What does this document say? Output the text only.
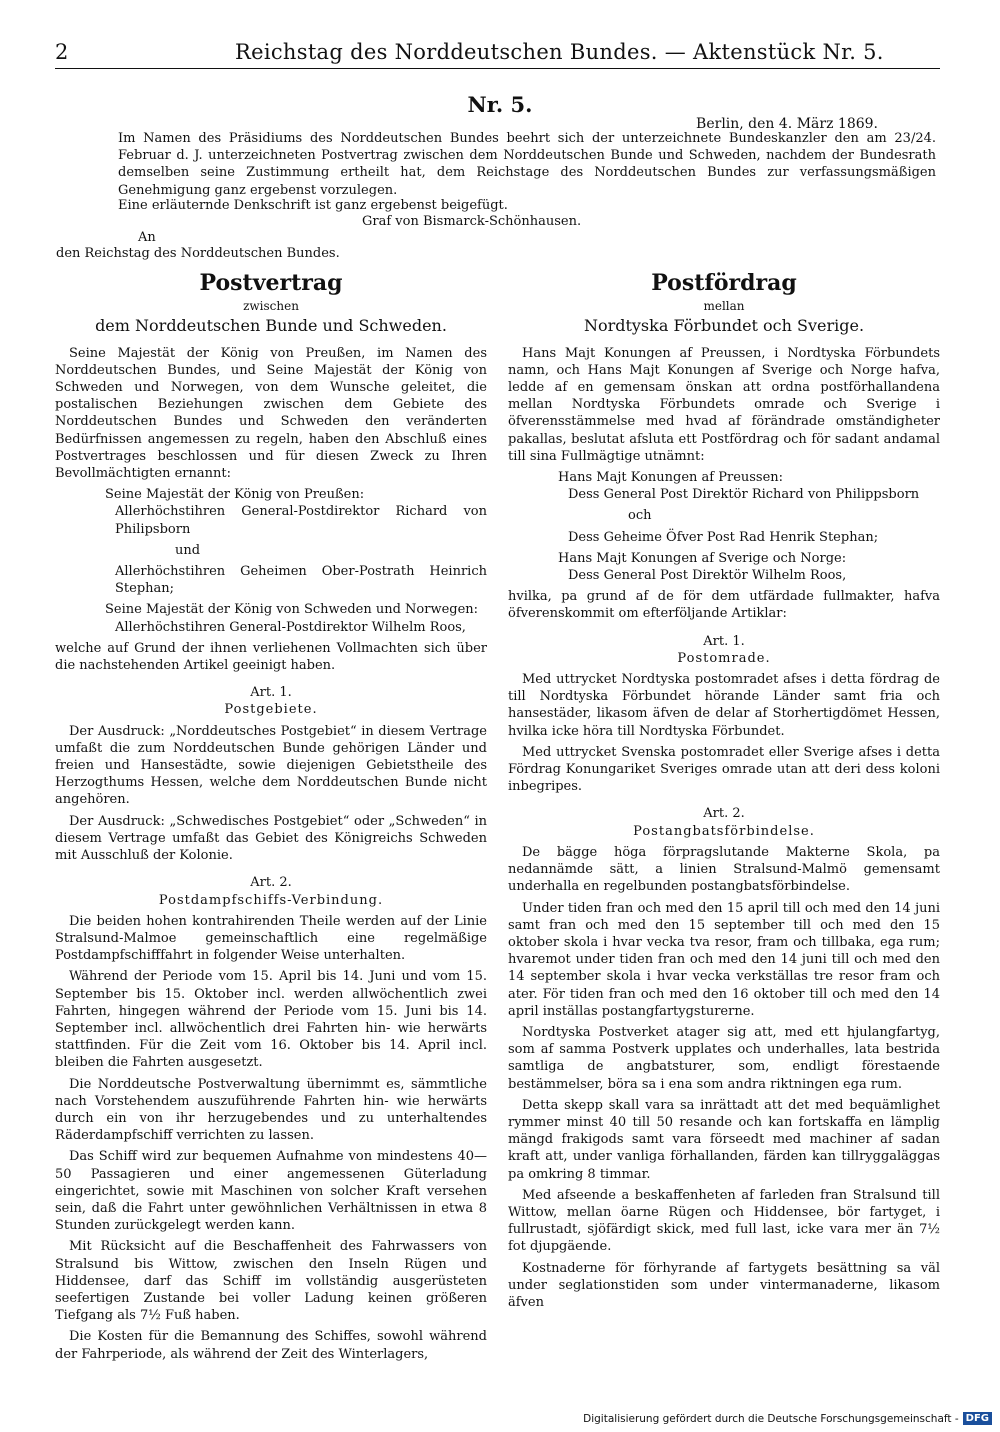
2	Reichstag des Norddeutschen Bundes. — Aktenstück Nr. 5.
Nr. 5.
Berlin, den 4. März 1869.

Im Namen des Präsidiums des Norddeutschen Bundes beehrt sich der unterzeichnete Bundeskanzler den am 23/24. Februar d. J. unterzeichneten Postvertrag zwischen dem Norddeutschen Bunde und Schweden, nachdem der Bundesrath demselben seine Zustimmung ertheilt hat, dem Reichstage des Norddeutschen Bundes zur verfassungsmäßigen Genehmigung ganz ergebenst vorzulegen.

Eine erläuternde Denkschrift ist ganz ergebenst beigefügt.
Graf von Bismarck-Schönhausen.
An
den Reichstag des Norddeutschen Bundes.
Postvertrag
zwischen
dem Norddeutschen Bunde und Schweden.

Seine Majestät der König von Preußen, im Namen des Norddeutschen Bundes, und Seine Majestät der König von Schweden und Norwegen, von dem Wunsche geleitet, die postalischen Beziehungen zwischen dem Gebiete des Norddeutschen Bundes und Schweden den veränderten Bedürfnissen angemessen zu regeln, haben den Abschluß eines Postvertrages beschlossen und für diesen Zweck zu Ihren Bevollmächtigten ernannt:

Seine Majestät der König von Preußen:

Allerhöchstihren General-Postdirektor Richard von Philipsborn

und

Allerhöchstihren Geheimen Ober-Postrath Heinrich Stephan;

Seine Majestät der König von Schweden und Norwegen:

Allerhöchstihren General-Postdirektor Wilhelm Roos,

welche auf Grund der ihnen verliehenen Vollmachten sich über die nachstehenden Artikel geeinigt haben.

Art. 1.
Postgebiete.

Der Ausdruck: „Norddeutsches Postgebiet“ in diesem Vertrage umfaßt die zum Norddeutschen Bunde gehörigen Länder und freien und Hansestädte, sowie diejenigen Gebietstheile des Herzogthums Hessen, welche dem Norddeutschen Bunde nicht angehören.

Der Ausdruck: „Schwedisches Postgebiet“ oder „Schweden“ in diesem Vertrage umfaßt das Gebiet des Königreichs Schweden mit Ausschluß der Kolonie.

Art. 2.
Postdampfschiffs-Verbindung.

Die beiden hohen kontrahirenden Theile werden auf der Linie Stralsund-Malmoe gemeinschaftlich eine regelmäßige Postdampfschifffahrt in folgender Weise unterhalten.

Während der Periode vom 15. April bis 14. Juni und vom 15. September bis 15. Oktober incl. werden allwöchentlich zwei Fahrten, hingegen während der Periode vom 15. Juni bis 14. September incl. allwöchentlich drei Fahrten hin- wie herwärts stattfinden. Für die Zeit vom 16. Oktober bis 14. April incl. bleiben die Fahrten ausgesetzt.

Die Norddeutsche Postverwaltung übernimmt es, sämmtliche nach Vorstehendem auszuführende Fahrten hin- wie herwärts durch ein von ihr herzugebendes und zu unterhaltendes Räderdampfschiff verrichten zu lassen.

Das Schiff wird zur bequemen Aufnahme von mindestens 40—50 Passagieren und einer angemessenen Güterladung eingerichtet, sowie mit Maschinen von solcher Kraft versehen sein, daß die Fahrt unter gewöhnlichen Verhältnissen in etwa 8 Stunden zurückgelegt werden kann.

Mit Rücksicht auf die Beschaffenheit des Fahrwassers von Stralsund bis Wittow, zwischen den Inseln Rügen und Hiddensee, darf das Schiff im vollständig ausgerüsteten seefertigen Zustande bei voller Ladung keinen größeren Tiefgang als 7½ Fuß haben.

Die Kosten für die Bemannung des Schiffes, sowohl während der Fahrperiode, als während der Zeit des Winterlagers,

Postfördrag
mellan
Nordtyska Förbundet och Sverige.

Hans Majt Konungen af Preussen, i Nordtyska Förbundets namn, och Hans Majt Konungen af Sverige och Norge hafva, ledde af en gemensam önskan att ordna postförhallandena mellan Nordtyska Förbundets omrade och Sverige i öfverensstämmelse med hvad af förändrade omständigheter pakallas, beslutat afsluta ett Postfördrag och för sadant andamal till sina Fullmägtige utnämnt:

Hans Majt Konungen af Preussen:

Dess General Post Direktör Richard von Philippsborn

och

Dess Geheime Öfver Post Rad Henrik Stephan;

Hans Majt Konungen af Sverige och Norge:

Dess General Post Direktör Wilhelm Roos,

hvilka, pa grund af de för dem utfärdade fullmakter, hafva öfverenskommit om efterföljande Artiklar:

Art. 1.
Postomrade.

Med uttrycket Nordtyska postomradet afses i detta fördrag de till Nordtyska Förbundet hörande Länder samt fria och hansestäder, likasom äfven de delar af Storhertigdömet Hessen, hvilka icke höra till Nordtyska Förbundet.

Med uttrycket Svenska postomradet eller Sverige afses i detta Fördrag Konungariket Sveriges omrade utan att deri dess koloni inbegripes.

Art. 2.
Postangbatsförbindelse.

De bägge höga förpragslutande Makterne Skola, pa nedannämde sätt, a linien Stralsund-Malmö gemensamt underhalla en regelbunden postangbatsförbindelse.

Under tiden fran och med den 15 april till och med den 14 juni samt fran och med den 15 september till och med den 15 oktober skola i hvar vecka tva resor, fram och tillbaka, ega rum; hvaremot under tiden fran och med den 14 juni till och med den 14 september skola i hvar vecka verkställas tre resor fram och ater. För tiden fran och med den 16 oktober till och med den 14 april inställas postangfartygsturerne.

Nordtyska Postverket atager sig att, med ett hjulangfartyg, som af samma Postverk upplates och underhalles, lata bestrida samtliga de angbatsturer, som, endligt förestaende bestämmelser, böra sa i ena som andra riktningen ega rum.

Detta skepp skall vara sa inrättadt att det med bequämlighet rymmer minst 40 till 50 resande och kan fortskaffa en lämplig mängd frakigods samt vara förseedt med machiner af sadan kraft att, under vanliga förhallanden, färden kan tillryggaläggas pa omkring 8 timmar.

Med afseende a beskaffenheten af farleden fran Stralsund till Wittow, mellan öarne Rügen och Hiddensee, bör fartyget, i fullrustadt, sjöfärdigt skick, med full last, icke vara mer än 7½ fot djupgäende.

Kostnaderne för förhyrande af fartygets besättning sa väl under seglationstiden som under vintermanaderne, likasom äfven

Digitalisierung gefördert durch die Deutsche Forschungsgemeinschaft - DFG
